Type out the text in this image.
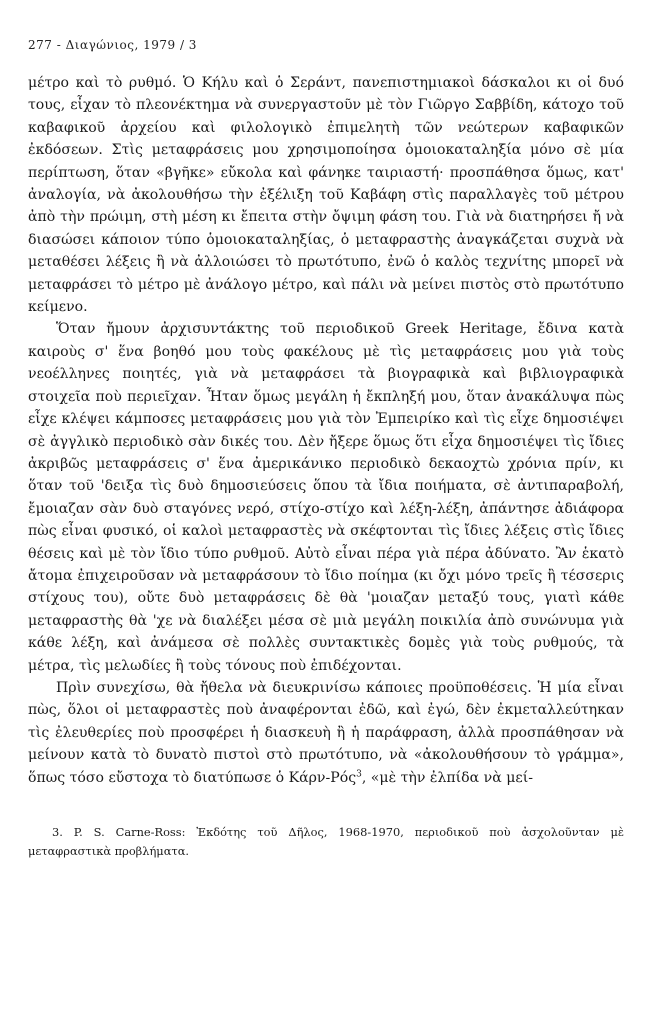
277 - Διαγώνιος, 1979 / 3

μέτρο καὶ τὸ ρυθμό. Ὁ Κήλυ καὶ ὁ Σεράντ, πανεπιστημιακοὶ δάσκαλοι κι οἱ δυό τους, εἶχαν τὸ πλεονέκτημα νὰ συνεργαστοῦν μὲ τὸν Γιῶργο Σαββίδη, κάτοχο τοῦ καβαφικοῦ ἀρχείου καὶ φιλολογικὸ ἐπιμελητὴ τῶν νεώτερων καβαφικῶν ἐκδόσεων. Στὶς μεταφράσεις μου χρησιμοποίησα ὁμοιοκαταληξία μόνο σὲ μία περίπτωση, ὅταν «βγῆκε» εὔκολα καὶ φάνηκε ταιριαστή· προσπάθησα ὅμως, κατ' ἀναλογία, νὰ ἀκολουθήσω τὴν ἐξέλιξη τοῦ Καβάφη στὶς παραλλαγὲς τοῦ μέτρου ἀπὸ τὴν πρώιμη, στὴ μέση κι ἔπειτα στὴν ὄψιμη φάση του. Γιὰ νὰ διατηρήσει ἤ νὰ διασώσει κάποιον τύπο ὁμοιοκαταληξίας, ὁ μεταφραστὴς ἀναγκάζεται συχνὰ νὰ μεταθέσει λέξεις ἢ νὰ ἀλλοιώσει τὸ πρωτότυπο, ἐνῶ ὁ καλὸς τεχνίτης μπορεῖ νὰ μεταφράσει τὸ μέτρο μὲ ἀνάλογο μέτρο, καὶ πάλι νὰ μείνει πιστὸς στὸ πρωτότυπο κείμενο.

Ὅταν ἤμουν ἀρχισυντάκτης τοῦ περιοδικοῦ Greek Heritage, ἔδινα κατὰ καιροὺς σ' ἕνα βοηθό μου τοὺς φακέλους μὲ τὶς μεταφράσεις μου γιὰ τοὺς νεοέλληνες ποιητές, γιὰ νὰ μεταφράσει τὰ βιογραφικὰ καὶ βιβλιογραφικὰ στοιχεῖα ποὺ περιεῖχαν. Ἦταν ὅμως μεγάλη ἡ ἔκπληξή μου, ὅταν ἀνακάλυψα πὼς εἶχε κλέψει κάμποσες μεταφράσεις μου γιὰ τὸν Ἐμπειρίκο καὶ τὶς εἶχε δημοσιέψει σὲ ἀγγλικὸ περιοδικὸ σὰν δικές του. Δὲν ἤξερε ὅμως ὅτι εἶχα δημοσιέψει τὶς ἴδιες ἀκριβῶς μεταφράσεις σ' ἕνα ἀμερικάνικο περιοδικὸ δεκαοχτὼ χρόνια πρίν, κι ὅταν τοῦ 'δειξα τὶς δυὸ δημοσιεύσεις ὅπου τὰ ἴδια ποιήματα, σὲ ἀντιπαραβολή, ἔμοιαζαν σὰν δυὸ σταγόνες νερό, στίχο-στίχο καὶ λέξη-λέξη, ἀπάντησε ἀδιάφορα πὼς εἶναι φυσικό, οἱ καλοὶ μεταφραστὲς νὰ σκέφτονται τὶς ἴδιες λέξεις στὶς ἴδιες θέσεις καὶ μὲ τὸν ἴδιο τύπο ρυθμοῦ. Αὐτὸ εἶναι πέρα γιὰ πέρα ἀδύνατο. Ἂν ἑκατὸ ἄτομα ἐπιχειροῦσαν νὰ μεταφράσουν τὸ ἴδιο ποίημα (κι ὄχι μόνο τρεῖς ἢ τέσσερις στίχους του), οὔτε δυὸ μεταφράσεις δὲ θὰ 'μοιαζαν μεταξύ τους, γιατὶ κάθε μεταφραστὴς θὰ 'χε νὰ διαλέξει μέσα σὲ μιὰ μεγάλη ποικιλία ἀπὸ συνώνυμα γιὰ κάθε λέξη, καὶ ἀνάμεσα σὲ πολλὲς συντακτικὲς δομὲς γιὰ τοὺς ρυθμούς, τὰ μέτρα, τὶς μελωδίες ἢ τοὺς τόνους ποὺ ἐπιδέχονται.

Πρὶν συνεχίσω, θὰ ἤθελα νὰ διευκρινίσω κάποιες προϋποθέσεις. Ἡ μία εἶναι πὼς, ὅλοι οἱ μεταφραστὲς ποὺ ἀναφέρονται ἐδῶ, καὶ ἐγώ, δὲν ἐκμεταλλεύτηκαν τὶς ἐλευθερίες ποὺ προσφέρει ἡ διασκευὴ ἢ ἡ παράφραση, ἀλλὰ προσπάθησαν νὰ μείνουν κατὰ τὸ δυνατὸ πιστοὶ στὸ πρωτότυπο, νὰ «ἀκολουθήσουν τὸ γράμμα», ὅπως τόσο εὔστοχα τὸ διατύπωσε ὁ Κάρν-Ρός$^3$, «μὲ τὴν ἐλπίδα νὰ μεί-

3. P. S. Carne-Ross: Ἐκδότης τοῦ Δῆλος, 1968-1970, περιοδικοῦ ποὺ ἀσχολοῦνταν μὲ μεταφραστικὰ προβλήματα.
